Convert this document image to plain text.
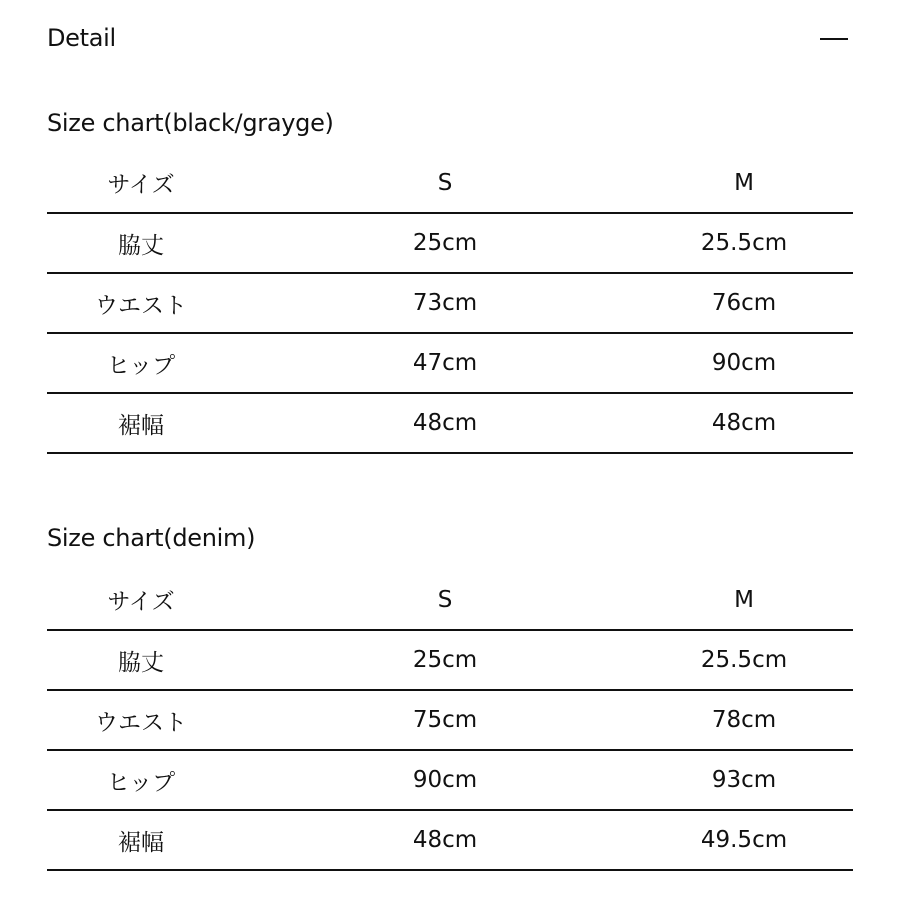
Detail
Size chart(black/grayge)
サイズ	S	M
脇丈	25cm	25.5cm
ウエスト	73cm	76cm
ヒップ	47cm	90cm
裾幅	48cm	48cm
Size chart(denim)
サイズ	S	M
脇丈	25cm	25.5cm
ウエスト	75cm	78cm
ヒップ	90cm	93cm
裾幅	48cm	49.5cm
